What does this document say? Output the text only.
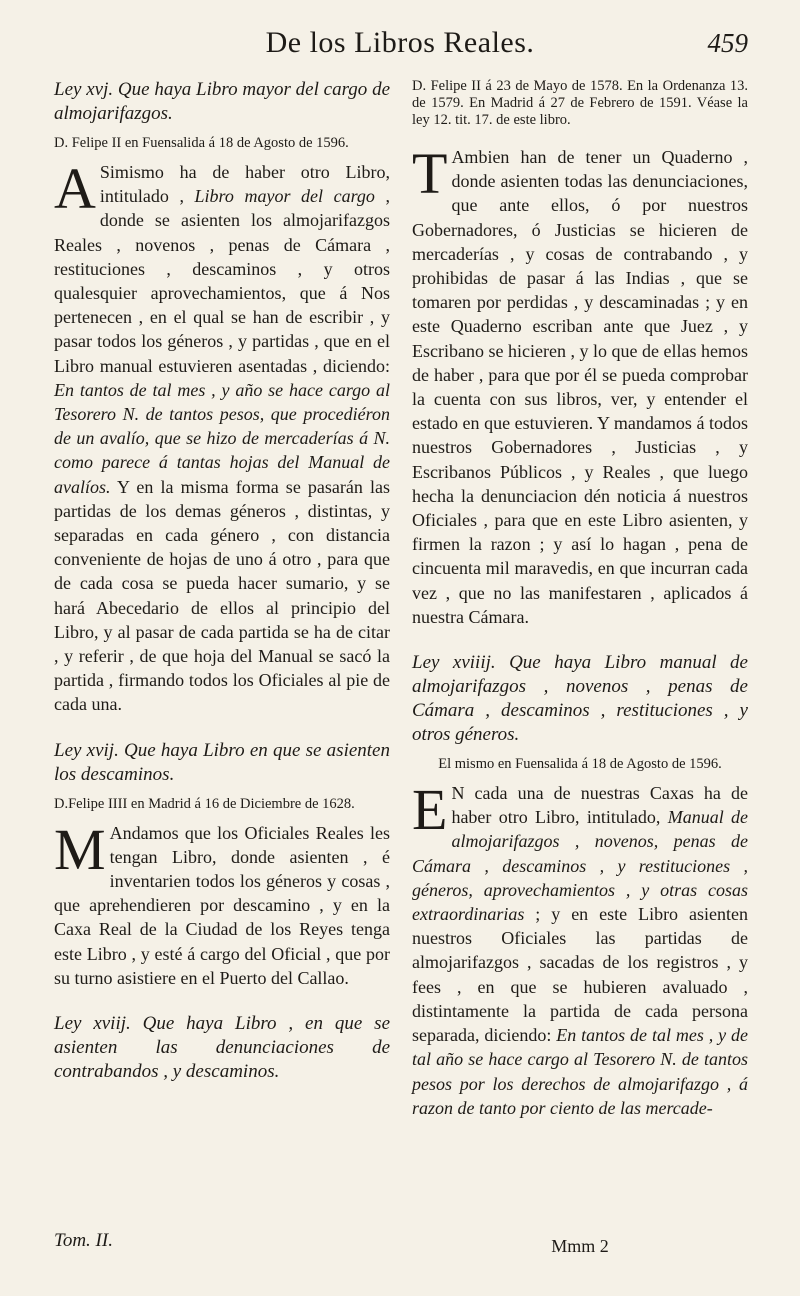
De los Libros Reales.	459

Ley xvj. Que haya Libro mayor del cargo de almojarifazgos.

D. Felipe II en Fuensalida á 18 de Agosto de 1596.

A Simismo ha de haber otro Libro, intitulado , Libro mayor del cargo , donde se asienten los almojarifazgos Reales , novenos , penas de Cámara , restituciones , descaminos , y otros qualesquier aprovechamientos, que á Nos pertenecen , en el qual se han de escribir , y pasar todos los géneros , y partidas , que en el Libro manual estuvieren asentadas , diciendo: En tantos de tal mes , y año se hace cargo al Tesorero N. de tantos pesos, que procediéron de un avalío, que se hizo de mercaderías á N. como parece á tantas hojas del Manual de avalíos. Y en la misma forma se pasarán las partidas de los demas géneros , distintas, y separadas en cada género , con distancia conveniente de hojas de uno á otro , para que de cada cosa se pueda hacer sumario, y se hará Abecedario de ellos al principio del Libro, y al pasar de cada partida se ha de citar , y referir , de que hoja del Manual se sacó la partida , firmando todos los Oficiales al pie de cada una.

Ley xvij. Que haya Libro en que se asienten los descaminos.

D.Felipe IIII en Madrid á 16 de Diciembre de 1628.

M Andamos que los Oficiales Reales les tengan Libro, donde asienten , é inventarien todos los géneros y cosas , que aprehendieren por descamino , y en la Caxa Real de la Ciudad de los Reyes tenga este Libro , y esté á cargo del Oficial , que por su turno asistiere en el Puerto del Callao.

Ley xviij. Que haya Libro , en que se asienten las denunciaciones de contrabandos , y descaminos.

Tom. II.

D. Felipe II á 23 de Mayo de 1578. En la Ordenanza 13. de 1579. En Madrid á 27 de Febrero de 1591. Véase la ley 12. tit. 17. de este libro.

T Ambien han de tener un Quaderno , donde asienten todas las denunciaciones, que ante ellos, ó por nuestros Gobernadores, ó Justicias se hicieren de mercaderías , y cosas de contrabando , y prohibidas de pasar á las Indias , que se tomaren por perdidas , y descaminadas ; y en este Quaderno escriban ante que Juez , y Escribano se hicieren , y lo que de ellas hemos de haber , para que por él se pueda comprobar la cuenta con sus libros, ver, y entender el estado en que estuvieren. Y mandamos á todos nuestros Gobernadores , Justicias , y Escribanos Públicos , y Reales , que luego hecha la denunciacion dén noticia á nuestros Oficiales , para que en este Libro asienten, y firmen la razon ; y así lo hagan , pena de cincuenta mil maravedis, en que incurran cada vez , que no las manifestaren , aplicados á nuestra Cámara.

Ley xviiij. Que haya Libro manual de almojarifazgos , novenos , penas de Cámara , descaminos , restituciones , y otros géneros.

El mismo en Fuensalida á 18 de Agosto de 1596.

E N cada una de nuestras Caxas ha de haber otro Libro, intitulado, Manual de almojarifazgos , novenos, penas de Cámara , descaminos , y restituciones , géneros, aprovechamientos , y otras cosas extraordinarias ; y en este Libro asienten nuestros Oficiales las partidas de almojarifazgos , sacadas de los registros , y fees , en que se hubieren avaluado , distintamente la partida de cada persona separada, diciendo: En tantos de tal mes , y de tal año se hace cargo al Tesorero N. de tantos pesos por los derechos de almojarifazgo , á razon de tanto por ciento de las mercade-

Mmm 2
